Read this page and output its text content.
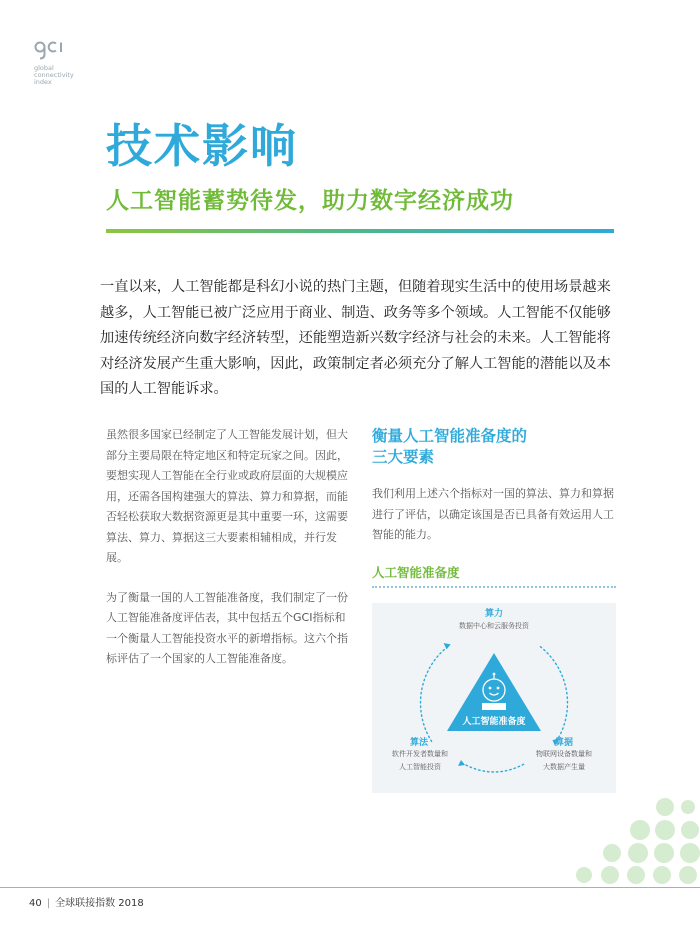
global
connectivity
index
技术影响
人工智能蓄势待发，助力数字经济成功

一直以来，人工智能都是科幻小说的热门主题，但随着现实生活中的使用场景越来越多，人工智能已被广泛应用于商业、制造、政务等多个领域。人工智能不仅能够加速传统经济向数字经济转型，还能塑造新兴数字经济与社会的未来。人工智能将对经济发展产生重大影响，因此，政策制定者必须充分了解人工智能的潜能以及本国的人工智能诉求。

虽然很多国家已经制定了人工智能发展计划，但大部分主要局限在特定地区和特定玩家之间。因此，要想实现人工智能在全行业或政府层面的大规模应用，还需各国构建强大的算法、算力和算据，而能否轻松获取大数据资源更是其中重要一环，这需要算法、算力、算据这三大要素相辅相成，并行发展。

为了衡量一国的人工智能准备度，我们制定了一份人工智能准备度评估表，其中包括五个GCI指标和一个衡量人工智能投资水平的新增指标。这六个指标评估了一个国家的人工智能准备度。

衡量人工智能准备度的
三大要素

我们利用上述六个指标对一国的算法、算力和算据进行了评估，以确定该国是否已具备有效运用人工智能的能力。

人工智能准备度
人工智能准备度
算力
数据中心和云服务投资
算法
软件开发者数量和
人工智能投资
算据
物联网设备数量和
大数据产生量
40 | 全球联接指数 2018
